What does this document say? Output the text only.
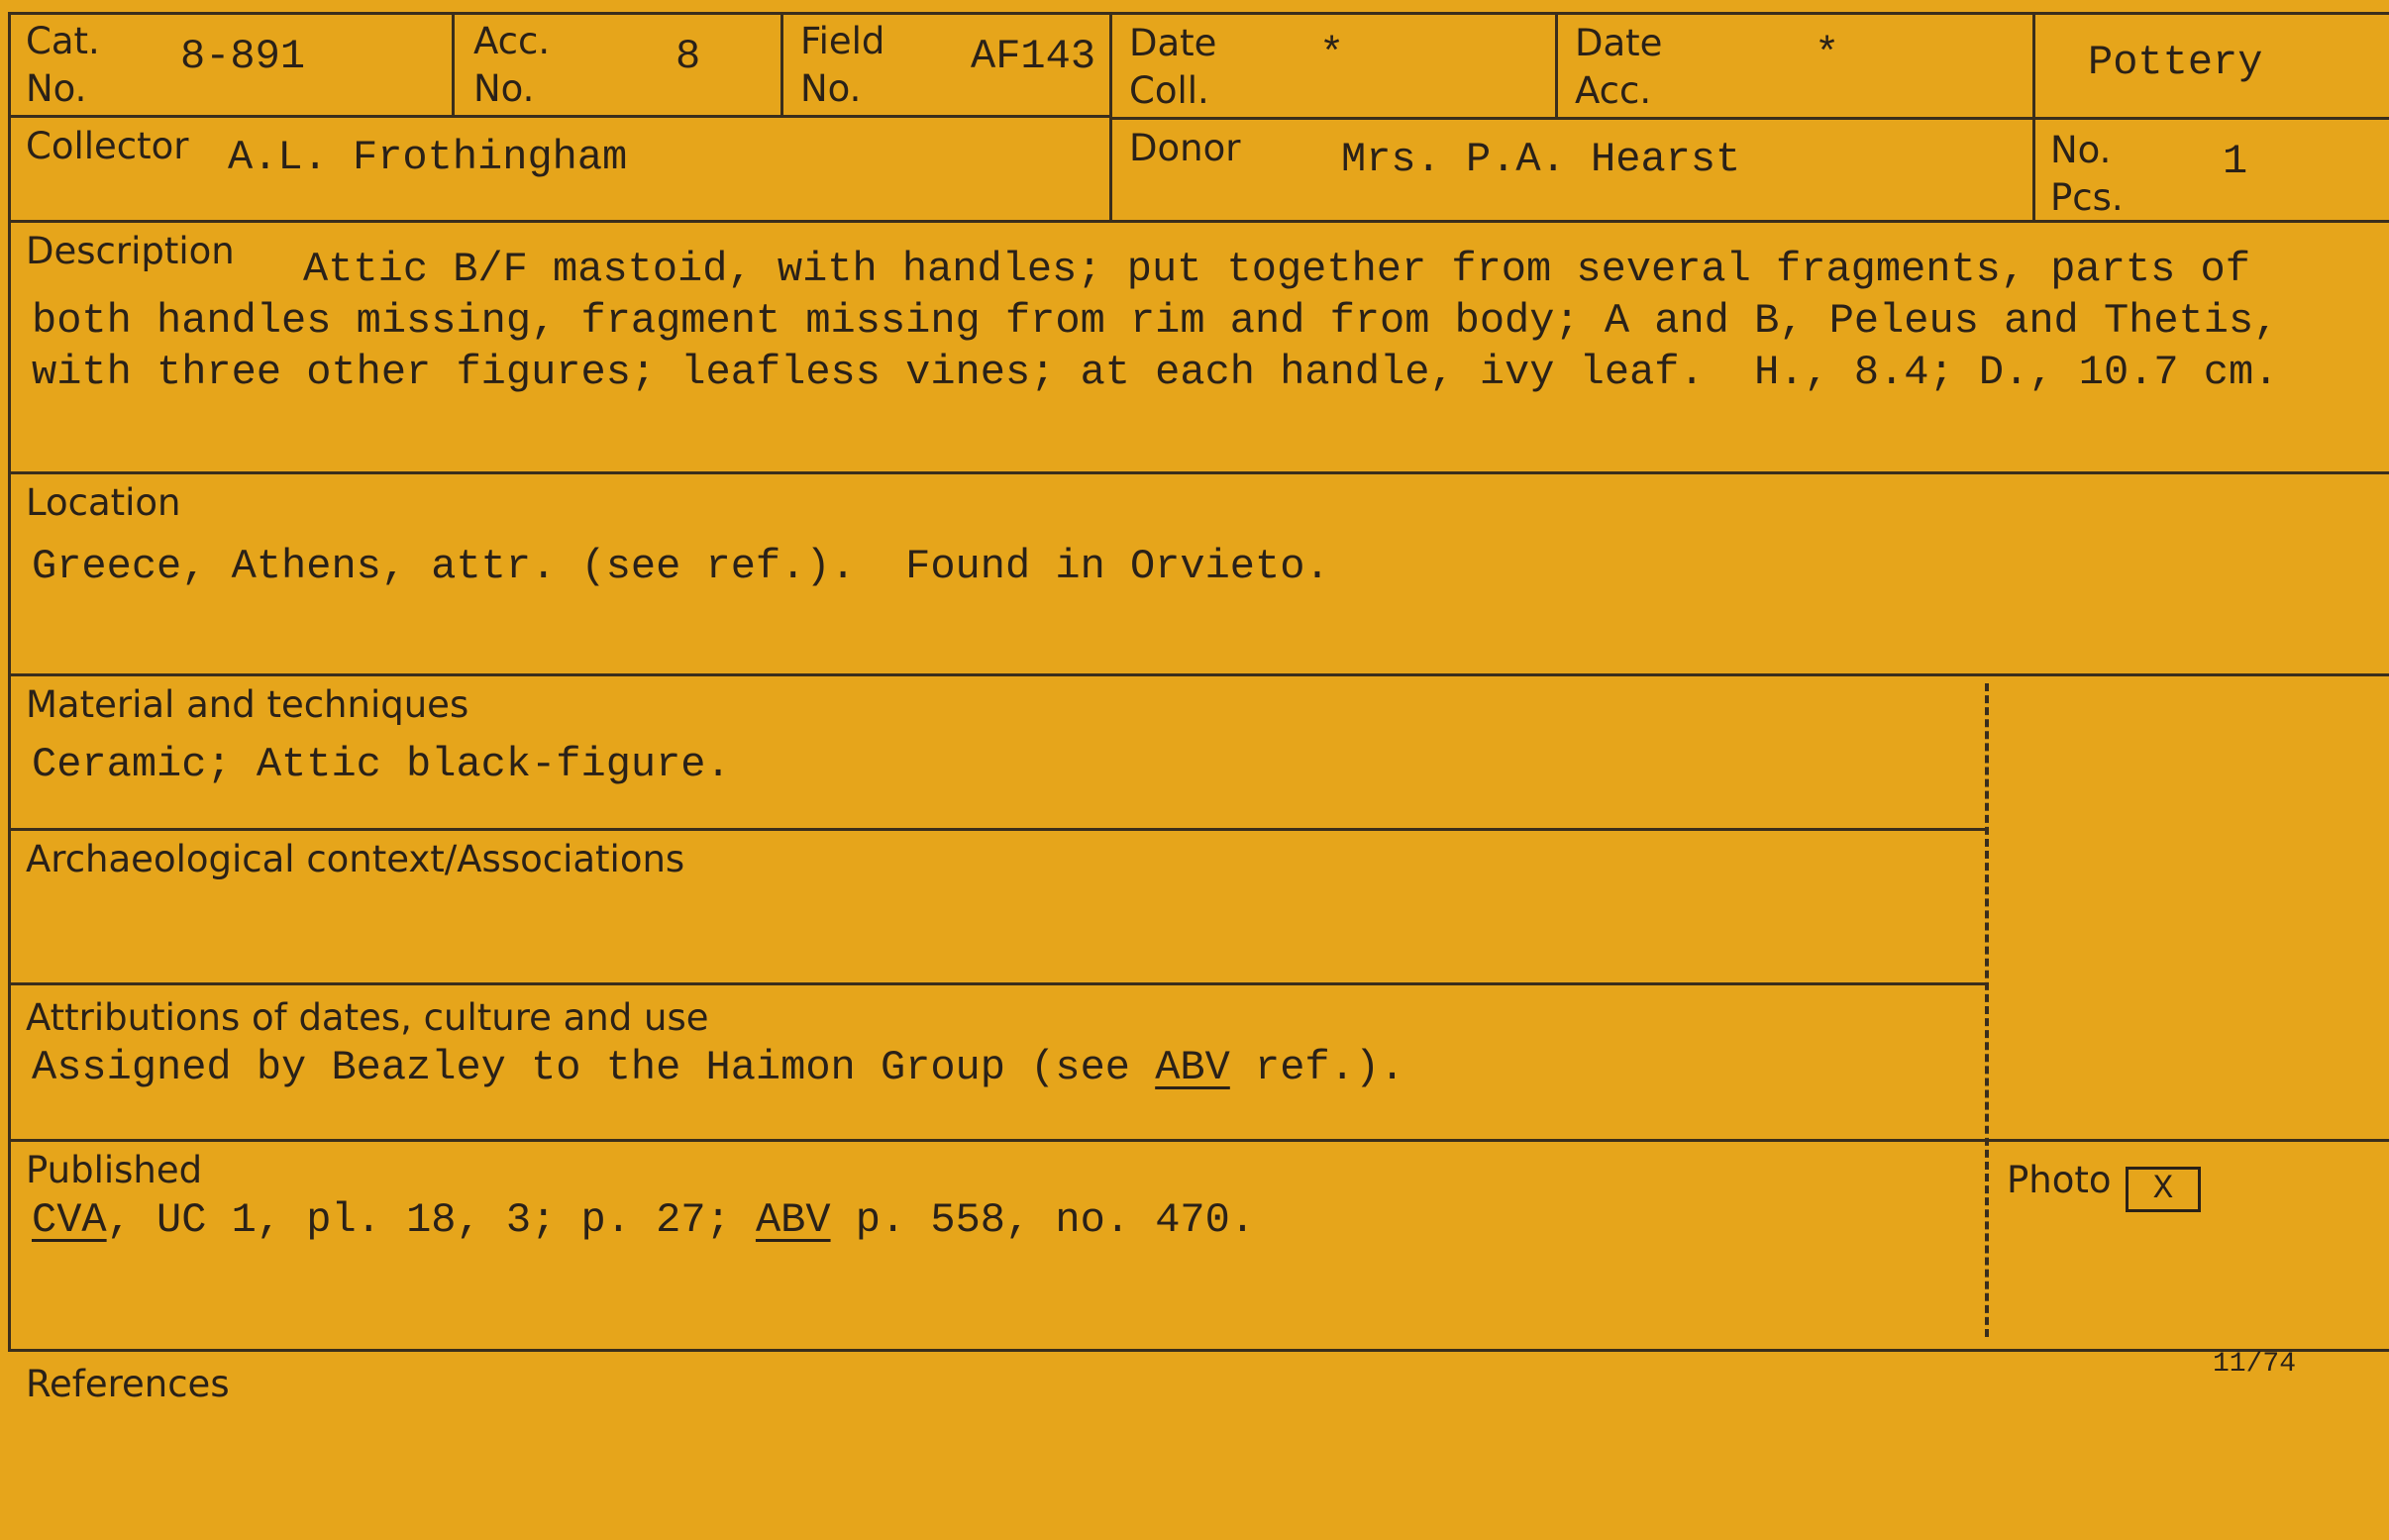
Cat.
No.
8-891	Acc.
No.
8	Field
No.
AF143 Date
Coll.
*	Date
Acc.
*	Pottery
Collector A.L. Frothingham	Donor Mrs. P.A. Hearst	No.
Pcs.
1
Description Attic B/F mastoid, with handles; put together from several fragments, parts of
both handles missing, fragment missing from rim and from body; A and B, Peleus and Thetis,
with three other figures; leafless vines; at each handle, ivy leaf.  H., 8.4; D., 10.7 cm.
Location
Greece, Athens, attr. (see ref.).  Found in Orvieto.
Material and techniques
Ceramic; Attic black-figure.
Archaeological context/Associations
Attributions of dates, culture and use
Assigned by Beazley to the Haimon Group (see ABV ref.).
Published
CVA, UC 1, pl. 18, 3; p. 27; ABV p. 558, no. 470.
Photo	X
References	11/74
